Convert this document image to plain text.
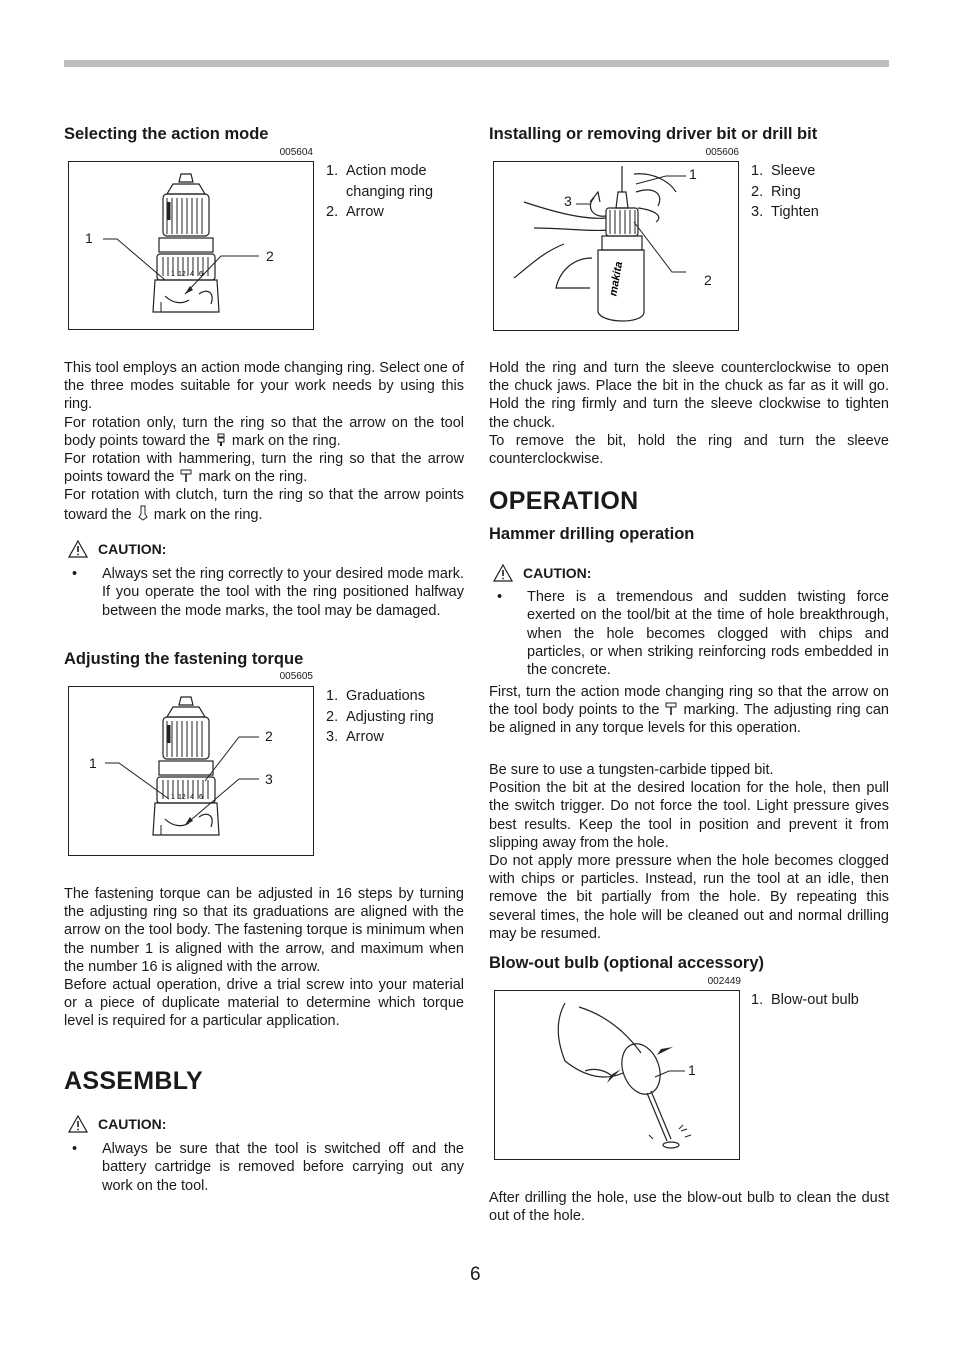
Selecting the action mode
005604
1 12 4 6
1
2
1. Action mode changing ring
2. Arrow

This tool employs an action mode changing ring. Select one of the three modes suitable for your work needs by using this ring.

For rotation only, turn the ring so that the arrow on the tool body points toward the mark on the ring.

For rotation with hammering, turn the ring so that the arrow points toward the mark on the ring.

For rotation with clutch, turn the ring so that the arrow points toward the mark on the ring.

CAUTION:
•	Always set the ring correctly to your desired mode mark. If you operate the tool with the ring positioned halfway between the mode marks, the tool may be damaged.
Adjusting the fastening torque
005605
1 12 4 6
1
2
3
1. Graduations
2. Adjusting ring
3. Arrow

The fastening torque can be adjusted in 16 steps by turning the adjusting ring so that its graduations are aligned with the arrow on the tool body. The fastening torque is minimum when the number 1 is aligned with the arrow, and maximum when the number 16 is aligned with the arrow.

Before actual operation, drive a trial screw into your material or a piece of duplicate material to determine which torque level is required for a particular application.

ASSEMBLY
CAUTION:
•	Always be sure that the tool is switched off and the battery cartridge is removed before carrying out any work on the tool.
Installing or removing driver bit or drill bit
005606
makita
1
2
3
1. Sleeve
2. Ring
3. Tighten

Hold the ring and turn the sleeve counterclockwise to open the chuck jaws. Place the bit in the chuck as far as it will go. Hold the ring firmly and turn the sleeve clockwise to tighten the chuck.

To remove the bit, hold the ring and turn the sleeve counterclockwise.

OPERATION
Hammer drilling operation
CAUTION:
•	There is a tremendous and sudden twisting force exerted on the tool/bit at the time of hole breakthrough, when the hole becomes clogged with chips and particles, or when striking reinforcing rods embedded in the concrete.

First, turn the action mode changing ring so that the arrow on the tool body points to the marking. The adjusting ring can be aligned in any torque levels for this operation.

Be sure to use a tungsten-carbide tipped bit.

Position the bit at the desired location for the hole, then pull the switch trigger. Do not force the tool. Light pressure gives best results. Keep the tool in position and prevent it from slipping away from the hole.

Do not apply more pressure when the hole becomes clogged with chips or particles. Instead, run the tool at an idle, then remove the bit partially from the hole. By repeating this several times, the hole will be cleaned out and normal drilling may be resumed.

Blow-out bulb (optional accessory)
002449
1
1. Blow-out bulb

After drilling the hole, use the blow-out bulb to clean the dust out of the hole.

6
